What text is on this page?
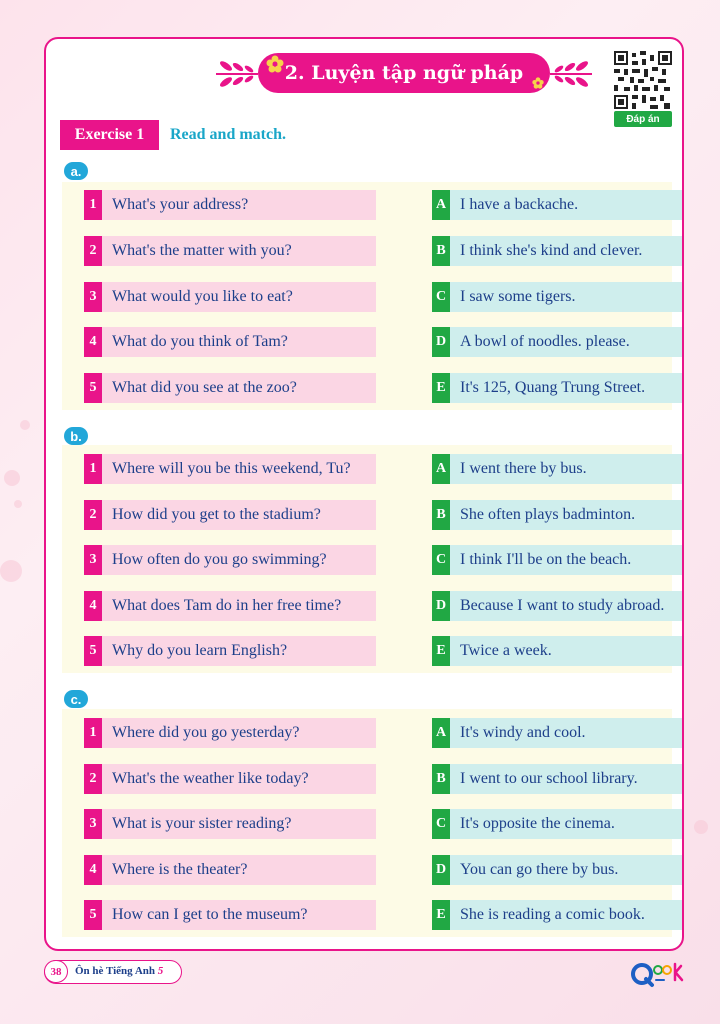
2. Luyện tập ngữ pháp
Đáp án
Exercise 1	Read and match.
a.
1 What's your address?
2 What's the matter with you?
3 What would you like to eat?
4 What do you think of Tam?
5 What did you see at the zoo?
A I have a backache.
B I think she's kind and clever.
C I saw some tigers.
D A bowl of noodles. please.
E It's 125, Quang Trung Street.
b.
1 Where will you be this weekend, Tu?
2 How did you get to the stadium?
3 How often do you go swimming?
4 What does Tam do in her free time?
5 Why do you learn English?
A I went there by bus.
B She often plays badminton.
C I think I'll be on the beach.
D Because I want to study abroad.
E Twice a week.
c.
1 Where did you go yesterday?
2 What's the weather like today?
3 What is your sister reading?
4 Where is the theater?
5 How can I get to the museum?
A It's windy and cool.
B I went to our school library.
C It's opposite the cinema.
D You can go there by bus.
E She is reading a comic book.
38	Ôn hè Tiếng Anh 5
